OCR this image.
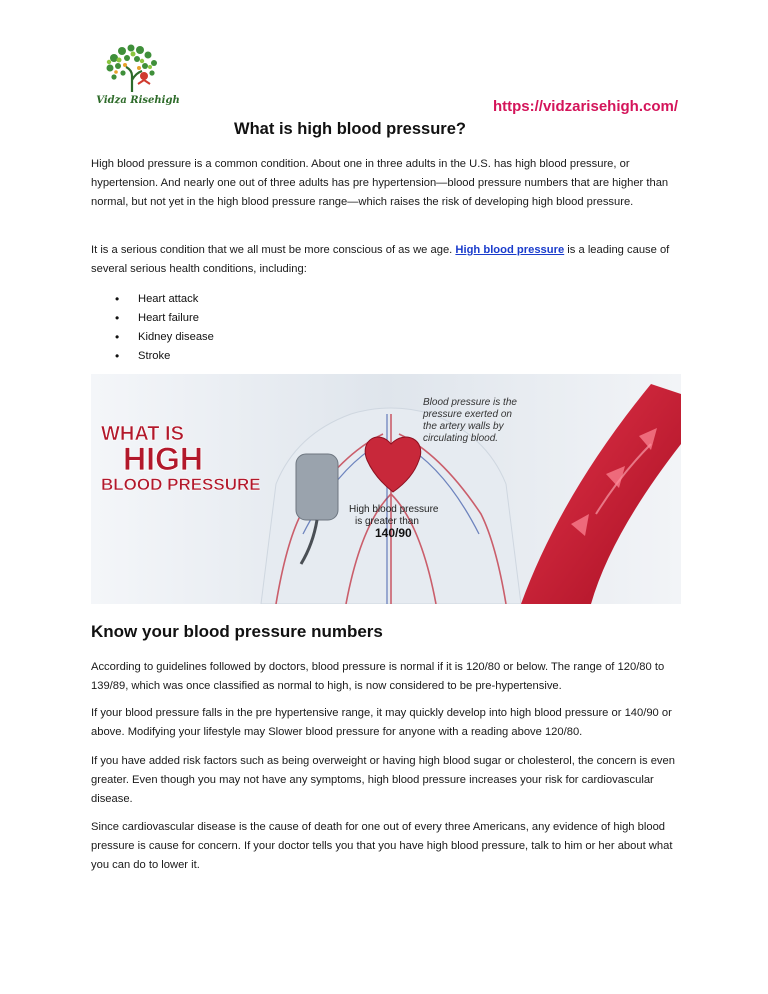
Vidza Risehigh	https://vidzarisehigh.com/
What is high blood pressure?

High blood pressure is a common condition. About one in three adults in the U.S. has high blood pressure, or hypertension. And nearly one out of three adults has pre hypertension—blood pressure numbers that are higher than normal, but not yet in the high blood pressure range—which raises the risk of developing high blood pressure.

It is a serious condition that we all must be more conscious of as we age. High blood pressure is a leading cause of several serious health conditions, including:

• Heart attack
• Heart failure
• Kidney disease
• Stroke
WHAT IS
HIGH
BLOOD PRESSURE
Blood pressure is the pressure exerted on the artery walls by circulating blood.
High blood pressure
is greater than
140/90
Know your blood pressure numbers

According to guidelines followed by doctors, blood pressure is normal if it is 120/80 or below. The range of 120/80 to 139/89, which was once classified as normal to high, is now considered to be pre-hypertensive.

If your blood pressure falls in the pre hypertensive range, it may quickly develop into high blood pressure or 140/90 or above. Modifying your lifestyle may Slower blood pressure for anyone with a reading above 120/80.

If you have added risk factors such as being overweight or having high blood sugar or cholesterol, the concern is even greater. Even though you may not have any symptoms, high blood pressure increases your risk for cardiovascular disease.

Since cardiovascular disease is the cause of death for one out of every three Americans, any evidence of high blood pressure is cause for concern. If your doctor tells you that you have high blood pressure, talk to him or her about what you can do to lower it.
